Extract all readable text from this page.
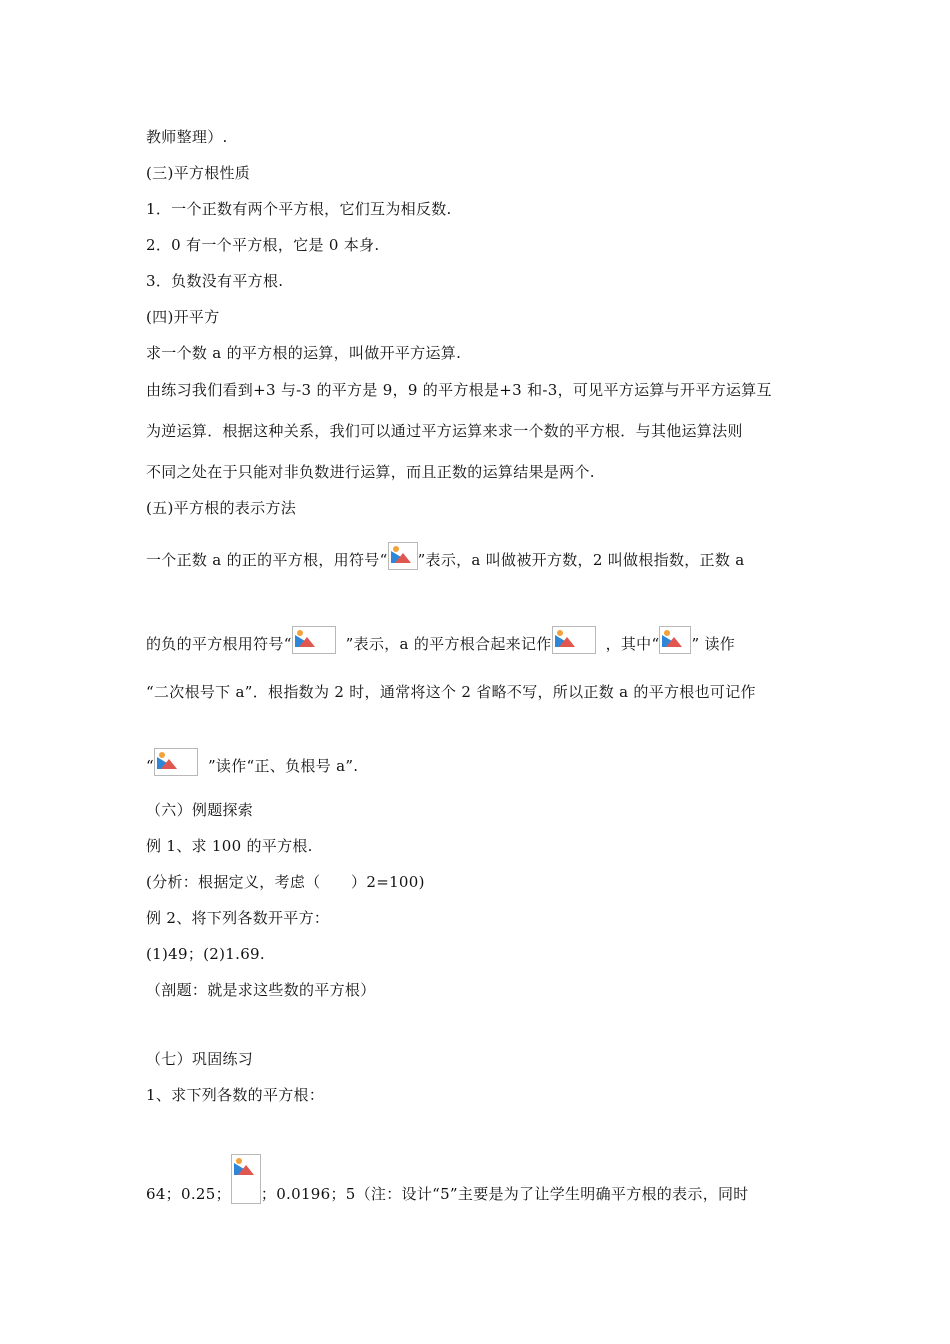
教师整理）.
(三)平方根性质
1．一个正数有两个平方根，它们互为相反数.
2．0 有一个平方根，它是 0 本身.
3．负数没有平方根.
(四)开平方
求一个数 a 的平方根的运算，叫做开平方运算.
由练习我们看到+3 与-3 的平方是 9，9 的平方根是+3 和-3，可见平方运算与开平方运算互
为逆运算．根据这种关系，我们可以通过平方运算来求一个数的平方根．与其他运算法则
不同之处在于只能对非负数进行运算，而且正数的运算结果是两个.
(五)平方根的表示方法
一个正数 a 的正的平方根，用符号“ ”表示，a 叫做被开方数，2 叫做根指数，正数 a
的负的平方根用符号“	”表示，a 的平方根合起来记作	，其中“ ” 读作
“二次根号下 a”．根指数为 2 时，通常将这个 2 省略不写，所以正数 a 的平方根也可记作
“	”读作“正、负根号 a”.
（六）例题探索
例 1、求 100 的平方根.
(分析：根据定义，考虑（　　）2=100)
例 2、将下列各数开平方：
(1)49；(2)1.69.
（剖题：就是求这些数的平方根）
（七）巩固练习
1、求下列各数的平方根：
64；0.25； ；0.0196；5（注：设计“5”主要是为了让学生明确平方根的表示，同时
